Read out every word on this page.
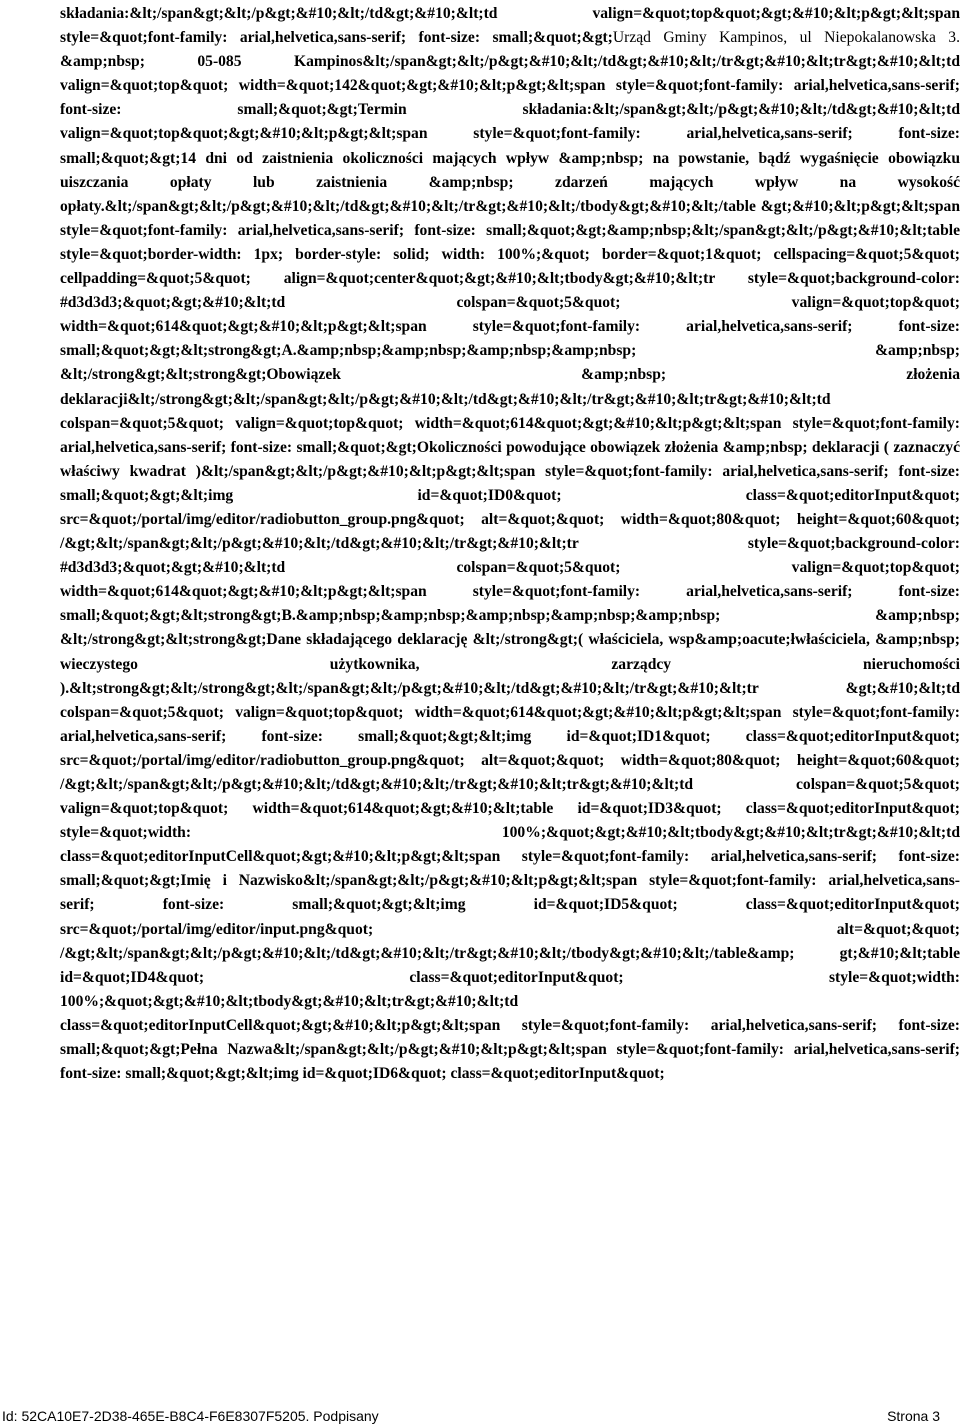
składania:&lt;/span&gt;&lt;/p&gt;&#10;&lt;/td&gt;&#10;&lt;td valign=&quot;top&quot;&gt;&#10;&lt;p&gt;&lt;span style=&quot;font-family: arial,helvetica,sans-serif; font-size: small;&quot;&gt;Urząd Gminy Kampinos, ul Niepokalanowska 3. &amp;nbsp; 05-085 Kampinos&lt;/span&gt;&lt;/p&gt;&#10;&lt;/td&gt;&#10;&lt;/tr&gt;&#10;&lt;tr&gt;&#10;&lt;td valign=&quot;top&quot; width=&quot;142&quot;&gt;&#10;&lt;p&gt;&lt;span style=&quot;font-family: arial,helvetica,sans-serif; font-size: small;&quot;&gt;Termin składania:&lt;/span&gt;&lt;/p&gt;&#10;&lt;/td&gt;&#10;&lt;td valign=&quot;top&quot;&gt;&#10;&lt;p&gt;&lt;span style=&quot;font-family: arial,helvetica,sans-serif; font-size: small;&quot;&gt;14 dni od zaistnienia okoliczności mających wpływ &amp;nbsp; na powstanie, bądź wygaśnięcie obowiązku uiszczania opłaty lub zaistnienia &amp;nbsp; zdarzeń mających wpływ na wysokość opłaty.&lt;/span&gt;&lt;/p&gt;&#10;&lt;/td&gt;&#10;&lt;/tr&gt;&#10;&lt;/tbody&gt;&#10;&lt;/table &gt;&#10;&lt;p&gt;&lt;span style=&quot;font-family: arial,helvetica,sans-serif; font-size: small;&quot;&gt;&amp;nbsp;&lt;/span&gt;&lt;/p&gt;&#10;&lt;table style=&quot;border-width: 1px; border-style: solid; width: 100%;&quot; border=&quot;1&quot; cellspacing=&quot;5&quot; cellpadding=&quot;5&quot; align=&quot;center&quot;&gt;&#10;&lt;tbody&gt;&#10;&lt;tr style=&quot;background-color: #d3d3d3;&quot;&gt;&#10;&lt;td colspan=&quot;5&quot; valign=&quot;top&quot; width=&quot;614&quot;&gt;&#10;&lt;p&gt;&lt;span style=&quot;font-family: arial,helvetica,sans-serif; font-size: small;&quot;&gt;&lt;strong&gt;A.&amp;nbsp;&amp;nbsp;&amp;nbsp;&amp;nbsp; &amp;nbsp; &lt;/strong&gt;&lt;strong&gt;Obowiązek &amp;nbsp; złożenia deklaracji&lt;/strong&gt;&lt;/span&gt;&lt;/p&gt;&#10;&lt;/td&gt;&#10;&lt;/tr&gt;&#10;&lt;tr&gt;&#10;&lt;td colspan=&quot;5&quot; valign=&quot;top&quot; width=&quot;614&quot;&gt;&#10;&lt;p&gt;&lt;span style=&quot;font-family: arial,helvetica,sans-serif; font-size: small;&quot;&gt;Okoliczności powodujące obowiązek złożenia &amp;nbsp; deklaracji ( zaznaczyć właściwy kwadrat )&lt;/span&gt;&lt;/p&gt;&#10;&lt;p&gt;&lt;span style=&quot;font-family: arial,helvetica,sans-serif; font-size: small;&quot;&gt;&lt;img id=&quot;ID0&quot; class=&quot;editorInput&quot; src=&quot;/portal/img/editor/radiobutton_group.png&quot; alt=&quot;&quot; width=&quot;80&quot; height=&quot;60&quot; /&gt;&lt;/span&gt;&lt;/p&gt;&#10;&lt;/td&gt;&#10;&lt;/tr&gt;&#10;&lt;tr style=&quot;background-color: #d3d3d3;&quot;&gt;&#10;&lt;td colspan=&quot;5&quot; valign=&quot;top&quot; width=&quot;614&quot;&gt;&#10;&lt;p&gt;&lt;span style=&quot;font-family: arial,helvetica,sans-serif; font-size: small;&quot;&gt;&lt;strong&gt;B.&amp;nbsp;&amp;nbsp;&amp;nbsp;&amp;nbsp;&amp;nbsp; &amp;nbsp; &lt;/strong&gt;&lt;strong&gt;Dane składającego deklarację &lt;/strong&gt;( właściciela, wsp&amp;oacute;łwłaściciela, &amp;nbsp; wieczystego użytkownika, zarządcy nieruchomości ).&lt;strong&gt;&lt;/strong&gt;&lt;/span&gt;&lt;/p&gt;&#10;&lt;/td&gt;&#10;&lt;/tr&gt;&#10;&lt;tr &gt;&#10;&lt;td colspan=&quot;5&quot; valign=&quot;top&quot; width=&quot;614&quot;&gt;&#10;&lt;p&gt;&lt;span style=&quot;font-family: arial,helvetica,sans-serif; font-size: small;&quot;&gt;&lt;img id=&quot;ID1&quot; class=&quot;editorInput&quot; src=&quot;/portal/img/editor/radiobutton_group.png&quot; alt=&quot;&quot; width=&quot;80&quot; height=&quot;60&quot; /&gt;&lt;/span&gt;&lt;/p&gt;&#10;&lt;/td&gt;&#10;&lt;/tr&gt;&#10;&lt;tr&gt;&#10;&lt;td colspan=&quot;5&quot; valign=&quot;top&quot; width=&quot;614&quot;&gt;&#10;&lt;table id=&quot;ID3&quot; class=&quot;editorInput&quot; style=&quot;width: 100%;&quot;&gt;&#10;&lt;tbody&gt;&#10;&lt;tr&gt;&#10;&lt;td class=&quot;editorInputCell&quot;&gt;&#10;&lt;p&gt;&lt;span style=&quot;font-family: arial,helvetica,sans-serif; font-size: small;&quot;&gt;Imię i Nazwisko&lt;/span&gt;&lt;/p&gt;&#10;&lt;p&gt;&lt;span style=&quot;font-family: arial,helvetica,sans-serif; font-size: small;&quot;&gt;&lt;img id=&quot;ID5&quot; class=&quot;editorInput&quot; src=&quot;/portal/img/editor/input.png&quot; alt=&quot;&quot; /&gt;&lt;/span&gt;&lt;/p&gt;&#10;&lt;/td&gt;&#10;&lt;/tr&gt;&#10;&lt;/tbody&gt;&#10;&lt;/table&amp; gt;&#10;&lt;table id=&quot;ID4&quot; class=&quot;editorInput&quot; style=&quot;width: 100%;&quot;&gt;&#10;&lt;tbody&gt;&#10;&lt;tr&gt;&#10;&lt;td class=&quot;editorInputCell&quot;&gt;&#10;&lt;p&gt;&lt;span style=&quot;font-family: arial,helvetica,sans-serif; font-size: small;&quot;&gt;Pełna Nazwa&lt;/span&gt;&lt;/p&gt;&#10;&lt;p&gt;&lt;span style=&quot;font-family: arial,helvetica,sans-serif; font-size: small;&quot;&gt;&lt;img id=&quot;ID6&quot; class=&quot;editorInput&quot;

Id: 52CA10E7-2D38-465E-B8C4-F6E8307F5205. Podpisany	Strona 3
